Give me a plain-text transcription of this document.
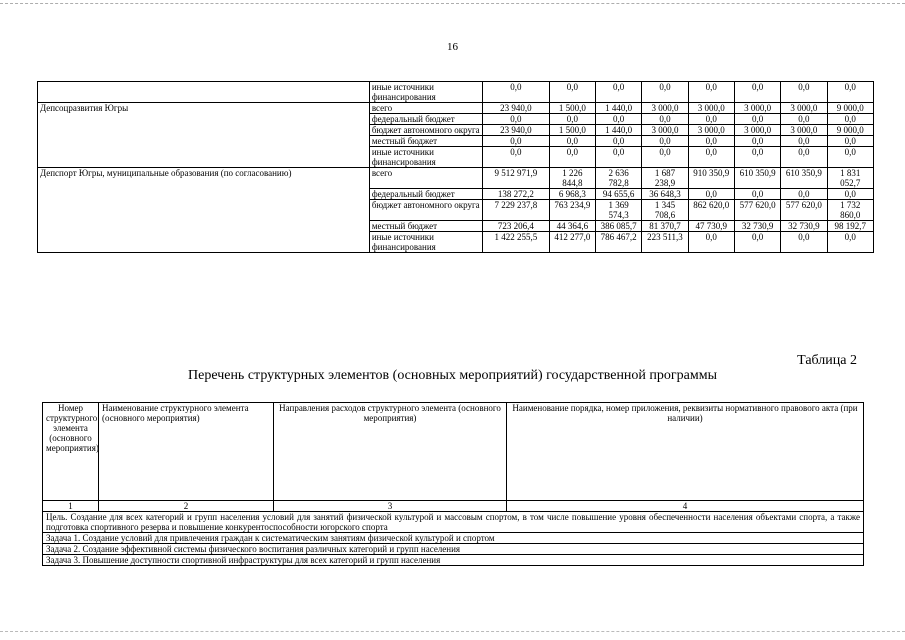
16
	иные источники финансирования	0,0	0,0	0,0	0,0	0,0	0,0	0,0	0,0
Депсоцразвития Югры	всего	23 940,0	1 500,0	1 440,0	3 000,0	3 000,0	3 000,0	3 000,0	9 000,0
	федеральный бюджет	0,0	0,0	0,0	0,0	0,0	0,0	0,0	0,0
	бюджет автономного округа	23 940,0	1 500,0	1 440,0	3 000,0	3 000,0	3 000,0	3 000,0	9 000,0
	местный бюджет	0,0	0,0	0,0	0,0	0,0	0,0	0,0	0,0
	иные источники финансирования	0,0	0,0	0,0	0,0	0,0	0,0	0,0	0,0
Депспорт Югры, муниципальные образования (по согласованию)	всего	9 512 971,9	1 226 844,8	2 636 782,8	1 687 238,9	910 350,9	610 350,9	610 350,9	1 831 052,7
	федеральный бюджет	138 272,2	6 968,3	94 655,6	36 648,3	0,0	0,0	0,0	0,0
	бюджет автономного округа	7 229 237,8	763 234,9	1 369 574,3	1 345 708,6	862 620,0	577 620,0	577 620,0	1 732 860,0
	местный бюджет	723 206,4	44 364,6	386 085,7	81 370,7	47 730,9	32 730,9	32 730,9	98 192,7
	иные источники финансирования	1 422 255,5	412 277,0	786 467,2	223 511,3	0,0	0,0	0,0	0,0
Таблица 2
Перечень структурных элементов (основных мероприятий) государственной программы
Номер структурного элемента (основного мероприятия)	Наименование структурного элемента (основного мероприятия)	Направления расходов структурного элемента (основного мероприятия)	Наименование порядка, номер приложения, реквизиты нормативного правового акта (при наличии)
1	2	3	4
Цель. Создание для всех категорий и групп населения условий для занятий физической культурой и массовым спортом, в том числе повышение уровня обеспеченности населения объектами спорта, а также подготовка спортивного резерва и повышение конкурентоспособности югорского спорта			
Задача 1. Создание условий для привлечения граждан к систематическим занятиям физической культурой и спортом			
Задача 2. Создание эффективной системы физического воспитания различных категорий и групп населения			
Задача 3. Повышение доступности спортивной инфраструктуры для всех категорий и групп населения			
